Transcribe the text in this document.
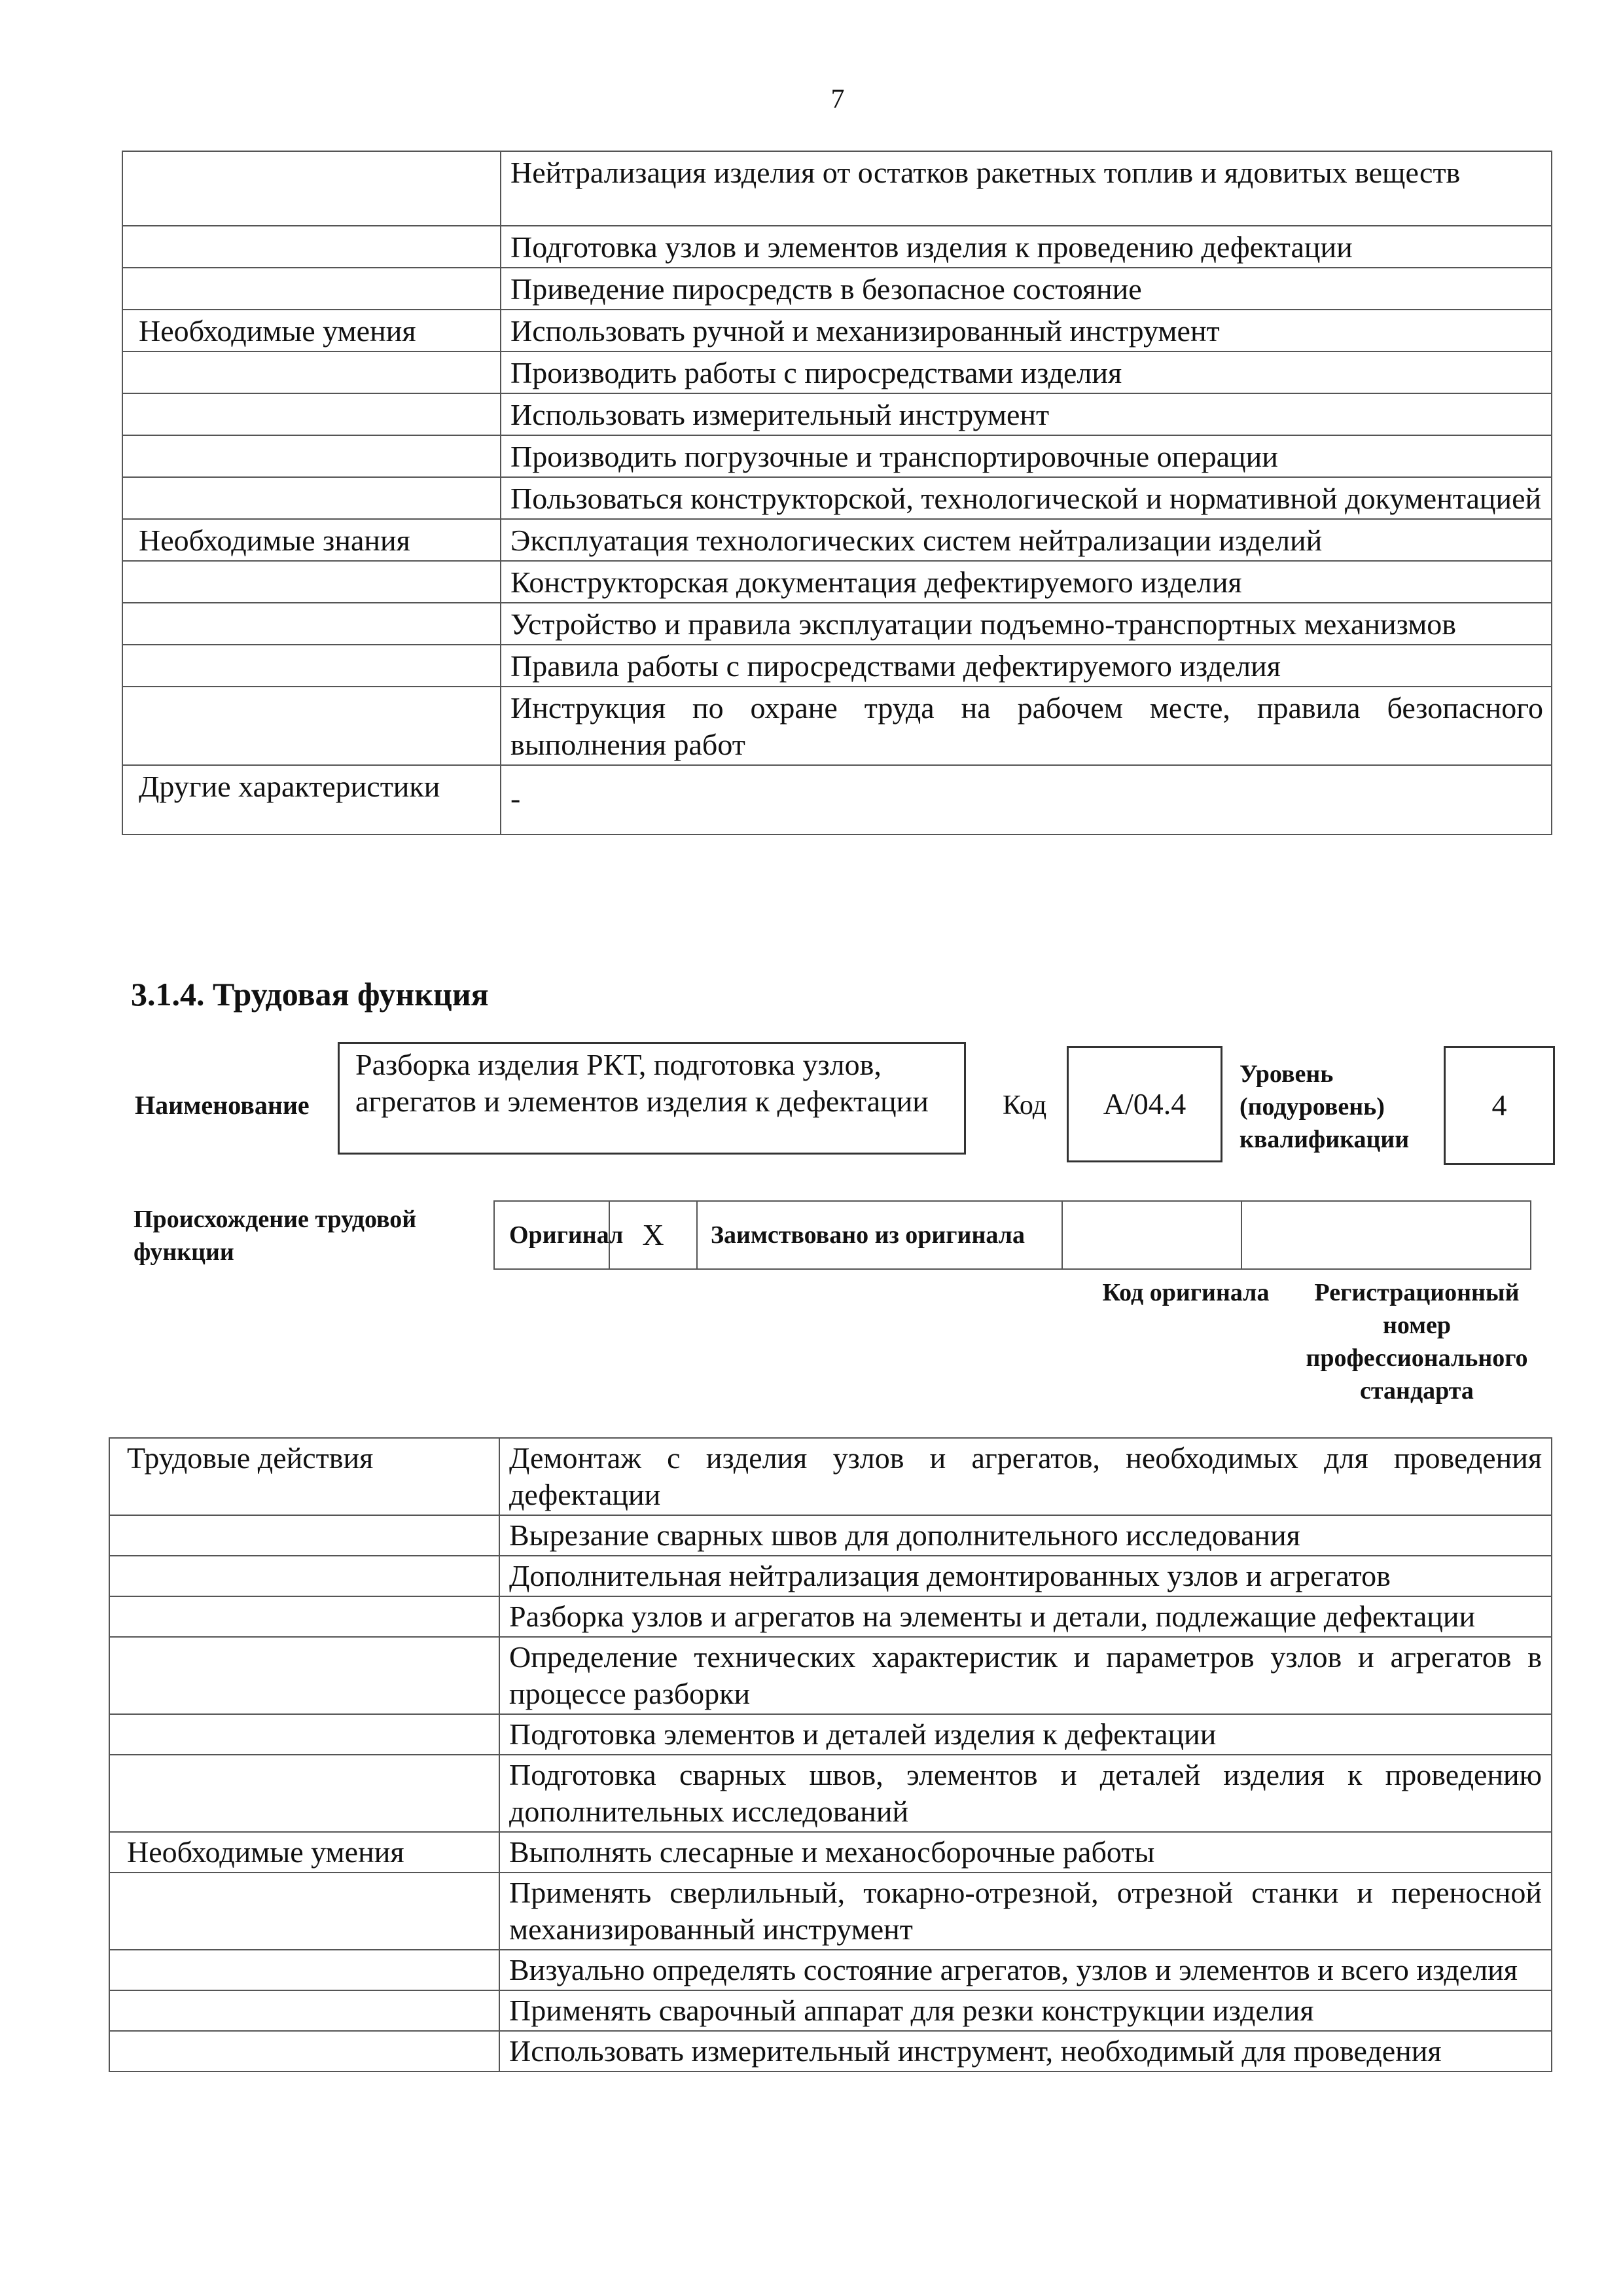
7
	Нейтрализация изделия от остатков ракетных топлив и ядовитых веществ
	Подготовка узлов и элементов изделия к проведению дефектации
	Приведение пиросредств в безопасное состояние
Необходимые умения	Использовать ручной и механизированный инструмент
	Производить работы с пиросредствами изделия
	Использовать измерительный инструмент
	Производить погрузочные и транспортировочные операции
	Пользоваться конструкторской, технологической и нормативной документацией
Необходимые знания	Эксплуатация технологических систем нейтрализации изделий
	Конструкторская документация дефектируемого изделия
	Устройство и правила эксплуатации подъемно-транспортных механизмов
	Правила работы с пиросредствами дефектируемого изделия
	Инструкция по охране труда на рабочем месте, правила безопасного выполнения работ
Другие характеристики	-
3.1.4. Трудовая функция
Наименование
Разборка изделия РКТ, подготовка узлов, агрегатов и элементов изделия к дефектации	Код	А/04.4
Уровень (подуровень) квалификации
4
Происхождение трудовой функции
Оригинал X	Заимствовано из оригинала
Код оригинала	Регистрационный номер профессионального стандарта
Трудовые действия	Демонтаж с изделия узлов и агрегатов, необходимых для проведения дефектации
	Вырезание сварных швов для дополнительного исследования
	Дополнительная нейтрализация демонтированных узлов и агрегатов
	Разборка узлов и агрегатов на элементы и детали, подлежащие дефектации
	Определение технических характеристик и параметров узлов и агрегатов в процессе разборки
	Подготовка элементов и деталей изделия к дефектации
	Подготовка сварных швов, элементов и деталей изделия к проведению дополнительных исследований
Необходимые умения	Выполнять слесарные и механосборочные работы
	Применять сверлильный, токарно-отрезной, отрезной станки и переносной механизированный инструмент
	Визуально определять состояние агрегатов, узлов и элементов и всего изделия
	Применять сварочный аппарат для резки конструкции изделия
	Использовать измерительный инструмент, необходимый для проведения
